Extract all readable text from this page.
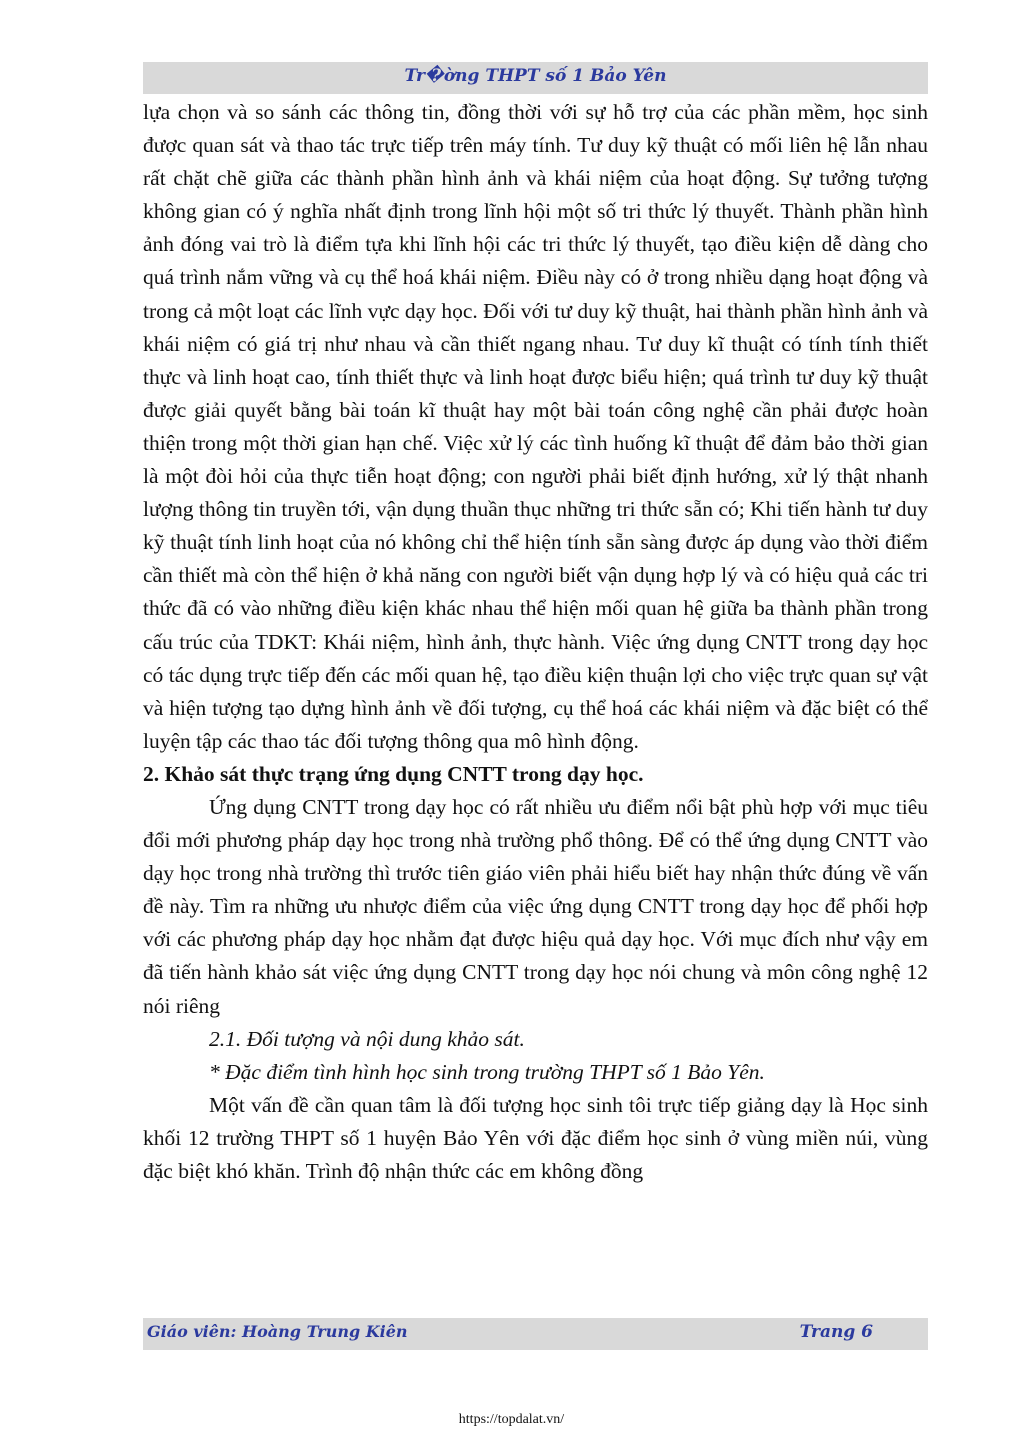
Tr�ờng THPT số 1 Bảo Yên

lựa chọn và so sánh các thông tin, đồng thời với sự hỗ trợ của các phần mềm, học sinh được quan sát và thao tác trực tiếp trên máy tính. Tư duy kỹ thuật có mối liên hệ lẫn nhau rất chặt chẽ giữa các thành phần hình ảnh và khái niệm của hoạt động. Sự tưởng tượng không gian có ý nghĩa nhất định trong lĩnh hội một số tri thức lý thuyết. Thành phần hình ảnh đóng vai trò là điểm tựa khi lĩnh hội các tri thức lý thuyết, tạo điều kiện dễ dàng cho quá trình nắm vững và cụ thể hoá khái niệm. Điều này có ở trong nhiều dạng hoạt động và trong cả một loạt các lĩnh vực dạy học. Đối với tư duy kỹ thuật, hai thành phần hình ảnh và khái niệm có giá trị như nhau và cần thiết ngang nhau. Tư duy kĩ thuật có tính tính thiết thực và linh hoạt cao, tính thiết thực và linh hoạt được biểu hiện; quá trình tư duy kỹ thuật được giải quyết bằng bài toán kĩ thuật hay một bài toán công nghệ cần phải được hoàn thiện trong một thời gian hạn chế. Việc xử lý các tình huống kĩ thuật để đảm bảo thời gian là một đòi hỏi của thực tiễn hoạt động; con người phải biết định hướng, xử lý thật nhanh lượng thông tin truyền tới, vận dụng thuần thục những tri thức sẵn có; Khi tiến hành tư duy kỹ thuật tính linh hoạt của nó không chỉ thể hiện tính sẵn sàng được áp dụng vào thời điểm cần thiết mà còn thể hiện ở khả năng con người biết vận dụng hợp lý và có hiệu quả các tri thức đã có vào những điều kiện khác nhau thể hiện mối quan hệ giữa ba thành phần trong cấu trúc của TDKT: Khái niệm, hình ảnh, thực hành. Việc ứng dụng CNTT trong dạy học có tác dụng trực tiếp đến các mối quan hệ, tạo điều kiện thuận lợi cho việc trực quan sự vật và hiện tượng tạo dựng hình ảnh về đối tượng, cụ thể hoá các khái niệm và đặc biệt có thể luyện tập các thao tác đối tượng thông qua mô hình động.

2. Khảo sát thực trạng ứng dụng CNTT trong dạy học.

Ứng dụng CNTT trong dạy học có rất nhiều ưu điểm nổi bật phù hợp với mục tiêu đổi mới phương pháp dạy học trong nhà trường phổ thông. Để có thể ứng dụng CNTT vào dạy học trong nhà trường thì trước tiên giáo viên phải hiểu biết hay nhận thức đúng về vấn đề này. Tìm ra những ưu nhược điểm của việc ứng dụng CNTT trong dạy học để phối hợp với các phương pháp dạy học nhằm đạt được hiệu quả dạy học. Với mục đích như vậy em đã tiến hành khảo sát việc ứng dụng CNTT trong dạy học nói chung và môn công nghệ 12 nói riêng

2.1. Đối tượng và nội dung khảo sát.

* Đặc điểm tình hình học sinh trong trường THPT số 1 Bảo Yên.

Một vấn đề cần quan tâm là đối tượng học sinh tôi trực tiếp giảng dạy là Học sinh khối 12 trường THPT số 1 huyện Bảo Yên với đặc điểm học sinh ở vùng miền núi, vùng đặc biệt khó khăn. Trình độ nhận thức các em không đồng

Giáo viên: Hoàng Trung Kiên	Trang 6
https://topdalat.vn/
